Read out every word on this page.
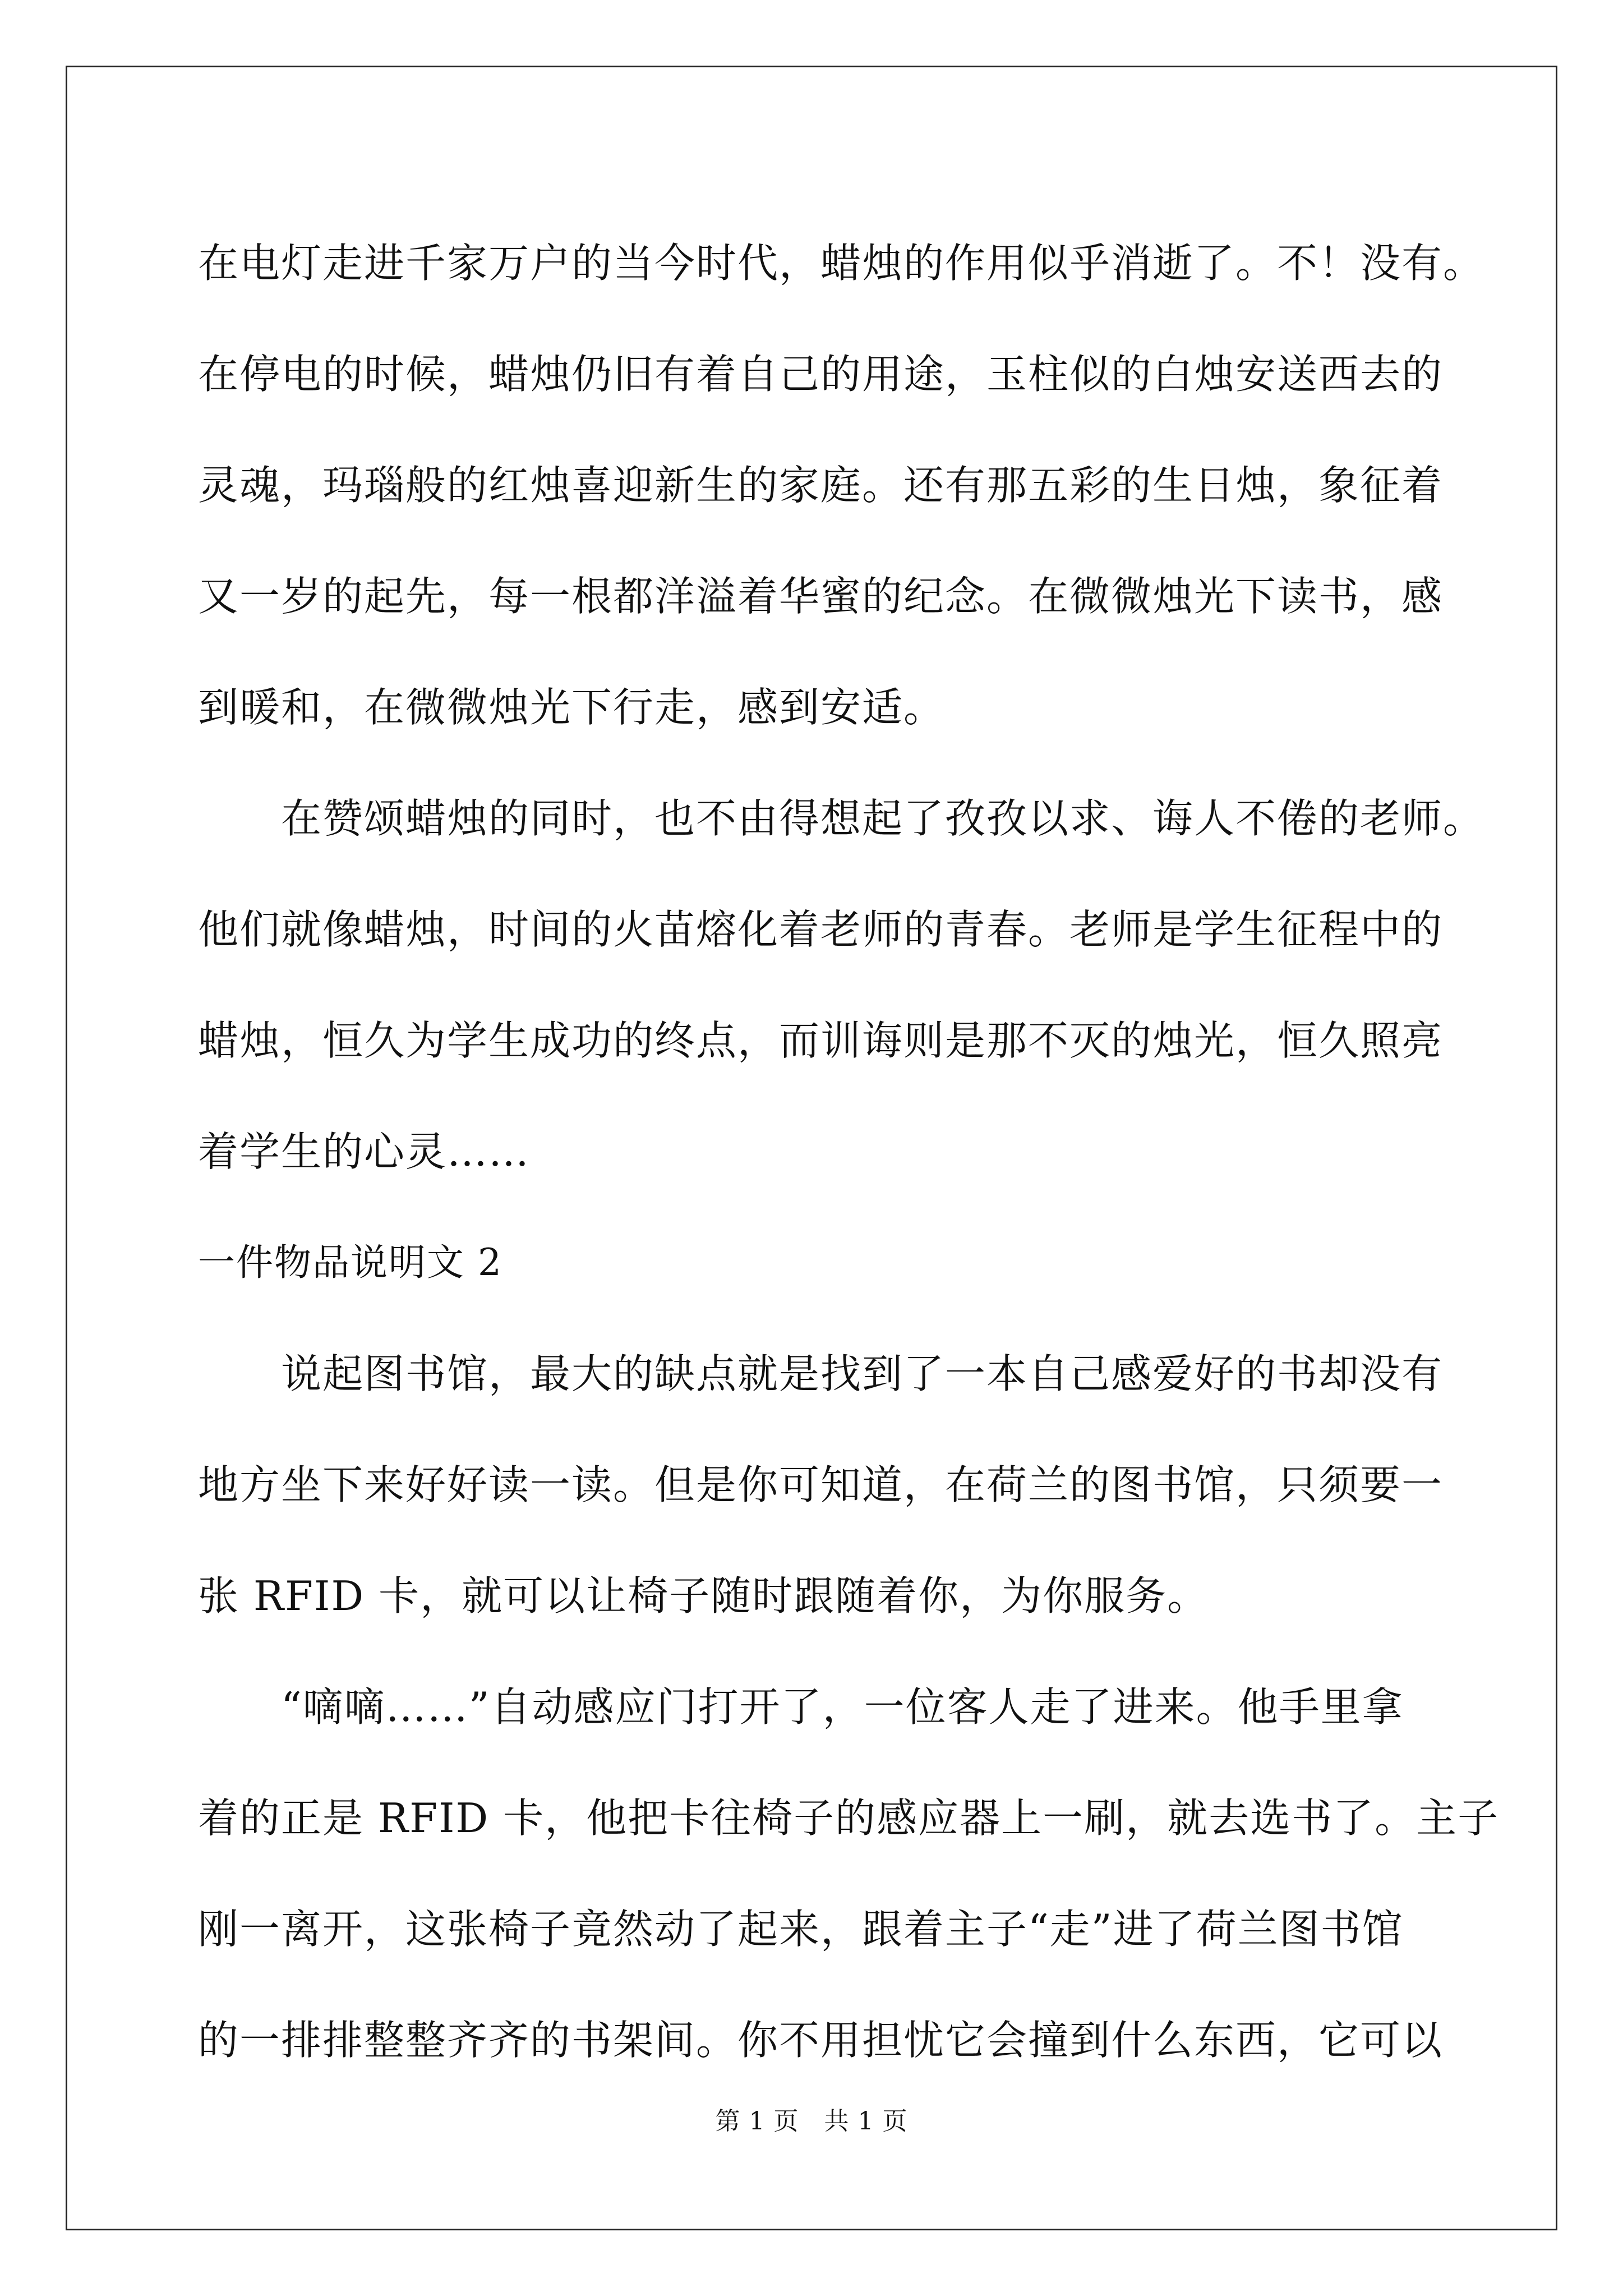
在电灯走进千家万户的当今时代，蜡烛的作用似乎消逝了。不！没有。
在停电的时候，蜡烛仍旧有着自己的用途，玉柱似的白烛安送西去的
灵魂，玛瑙般的红烛喜迎新生的家庭。还有那五彩的生日烛，象征着
又一岁的起先，每一根都洋溢着华蜜的纪念。在微微烛光下读书，感
到暖和，在微微烛光下行走，感到安适。
　　在赞颂蜡烛的同时，也不由得想起了孜孜以求、诲人不倦的老师。
他们就像蜡烛，时间的火苗熔化着老师的青春。老师是学生征程中的
蜡烛，恒久为学生成功的终点，而训诲则是那不灭的烛光，恒久照亮
着学生的心灵……
一件物品说明文 2
　　说起图书馆，最大的缺点就是找到了一本自己感爱好的书却没有
地方坐下来好好读一读。但是你可知道，在荷兰的图书馆，只须要一
张 RFID 卡，就可以让椅子随时跟随着你，为你服务。
　　“嘀嘀……”自动感应门打开了，一位客人走了进来。他手里拿
着的正是 RFID 卡，他把卡往椅子的感应器上一刷，就去选书了。主子
刚一离开，这张椅子竟然动了起来，跟着主子“走”进了荷兰图书馆
的一排排整整齐齐的书架间。你不用担忧它会撞到什么东西，它可以
第 1 页　共 1 页
